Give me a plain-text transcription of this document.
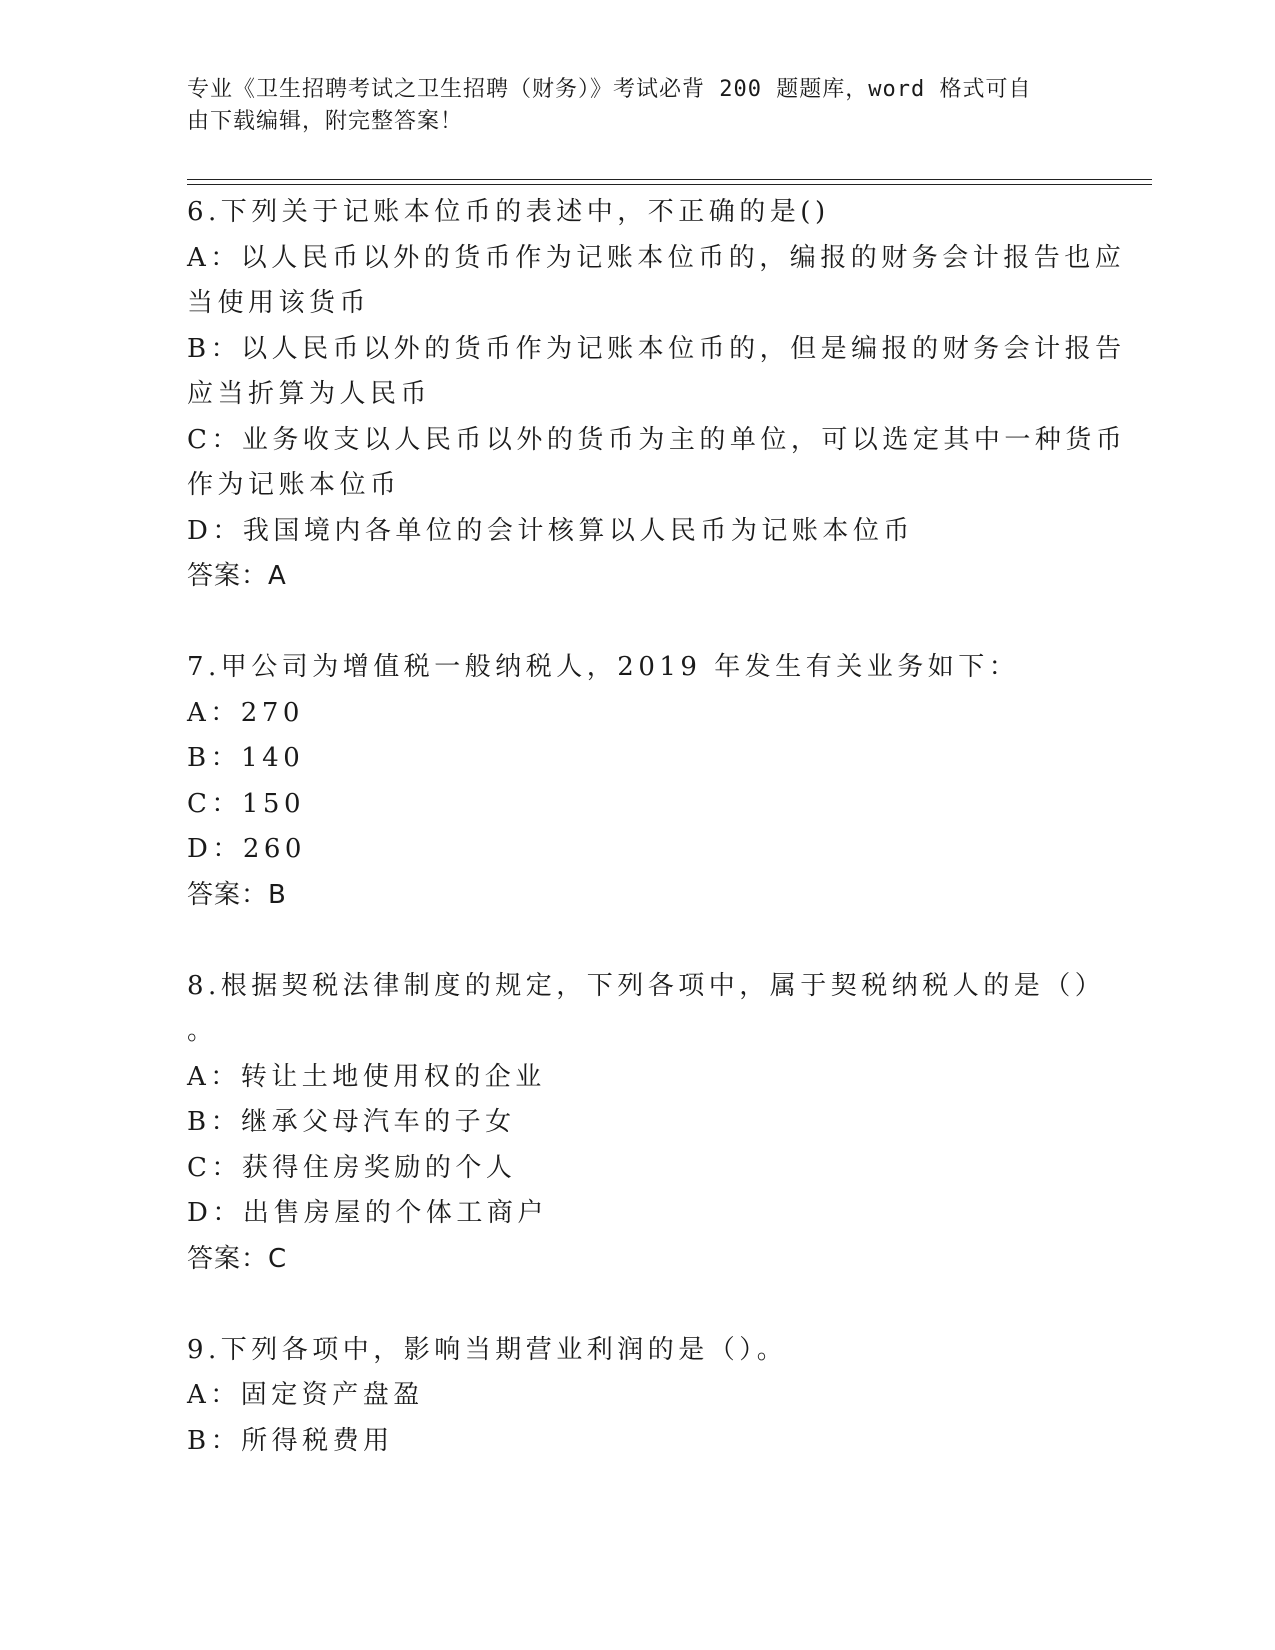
专业《卫生招聘考试之卫生招聘（财务）》考试必背 200 题题库，word 格式可自
由下载编辑，附完整答案！
6.下列关于记账本位币的表述中，不正确的是()
A：以人民币以外的货币作为记账本位币的，编报的财务会计报告也应
当使用该货币
B：以人民币以外的货币作为记账本位币的，但是编报的财务会计报告
应当折算为人民币
C：业务收支以人民币以外的货币为主的单位，可以选定其中一种货币
作为记账本位币
D：我国境内各单位的会计核算以人民币为记账本位币
答案：A
7.甲公司为增值税一般纳税人，2019 年发生有关业务如下：
A：270
B：140
C：150
D：260
答案：B
8.根据契税法律制度的规定，下列各项中，属于契税纳税人的是（）
。
A：转让土地使用权的企业
B：继承父母汽车的子女
C：获得住房奖励的个人
D：出售房屋的个体工商户
答案：C
9.下列各项中，影响当期营业利润的是（）。
A：固定资产盘盈
B：所得税费用
